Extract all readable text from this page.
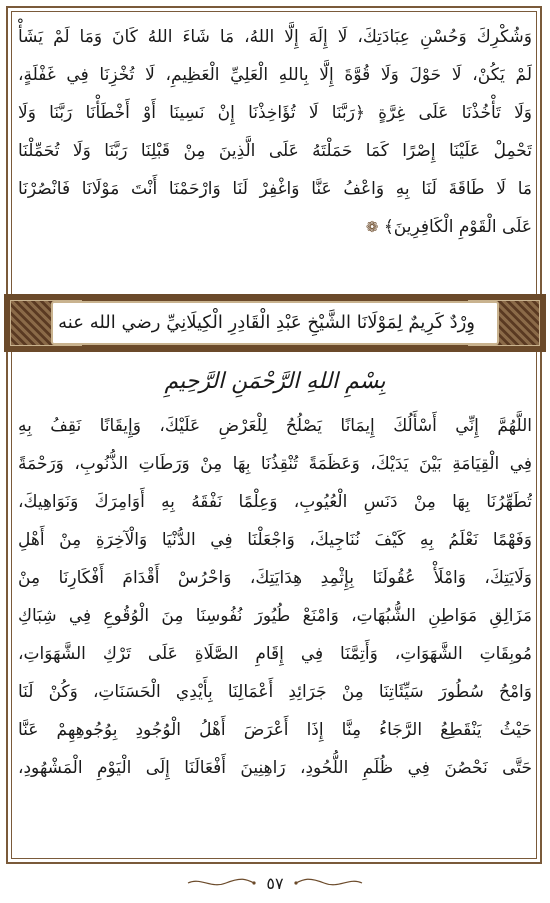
وَشُكْرِكَ وَحُسْنِ عِبَادَتِكَ، لَا إِلَهَ إِلَّا اللهُ، مَا شَاءَ اللهُ كَانَ وَمَا لَمْ يَشَأْ
لَمْ يَكُنْ، لَا حَوْلَ وَلَا قُوَّةَ إِلَّا بِاللهِ الْعَلِيِّ الْعَظِيمِ، لَا تُخْزِنَا فِي غَفْلَةٍ،
وَلَا تَأْخُذْنَا عَلَى غِرَّةٍ ﴿رَبَّنَا لَا تُؤَاخِذْنَا إِنْ نَسِينَا أَوْ أَخْطَأْنَا رَبَّنَا وَلَا
تَحْمِلْ عَلَيْنَا إِصْرًا كَمَا حَمَلْتَهُ عَلَى الَّذِينَ مِنْ قَبْلِنَا رَبَّنَا وَلَا تُحَمِّلْنَا
مَا لَا طَاقَةَ لَنَا بِهِ وَاعْفُ عَنَّا وَاغْفِرْ لَنَا وَارْحَمْنَا أَنْتَ مَوْلَانَا فَانْصُرْنَا
عَلَى الْقَوْمِ الْكَافِرِينَ﴾ ❁
وِرْدٌ كَرِيمٌ لِمَوْلَانَا الشَّيْخِ عَبْدِ الْقَادِرِ الْكِيلَانِيِّ رضي الله عنه
بِسْمِ اللهِ الرَّحْمَنِ الرَّحِيمِ
اللَّهُمَّ إِنِّي أَسْأَلُكَ إِيمَانًا يَصْلُحُ لِلْعَرْضِ عَلَيْكَ، وَإِيقَانًا نَقِفُ بِهِ
فِي الْقِيَامَةِ بَيْنَ يَدَيْكَ، وَعَظَمَةً تُنْقِذُنَا بِهَا مِنْ وَرَطَاتِ الذُّنُوبِ، وَرَحْمَةً
تُطَهِّرُنَا بِهَا مِنْ دَنَسِ الْعُيُوبِ، وَعِلْمًا نَفْقَهُ بِهِ أَوَامِرَكَ وَنَوَاهِيكَ،
وَفَهْمًا نَعْلَمُ بِهِ كَيْفَ نُنَاجِيكَ، وَاجْعَلْنَا فِي الدُّنْيَا وَالْآخِرَةِ مِنْ أَهْلِ
وَلَايَتِكَ، وَامْلَأْ عُقُولَنَا بِإِثْمِدِ هِدَايَتِكَ، وَاحْرُسْ أَقْدَامَ أَفْكَارِنَا مِنْ
مَزَالِقِ مَوَاطِنِ الشُّبُهَاتِ، وَامْنَعْ طُيُورَ نُفُوسِنَا مِنَ الْوُقُوعِ فِي شِبَاكِ
مُوبِقَاتِ الشَّهَوَاتِ، وَأَتِمَّنَا فِي إِقَامِ الصَّلَاةِ عَلَى تَرْكِ الشَّهَوَاتِ،
وَامْحُ سُطُورَ سَيِّئَاتِنَا مِنْ جَرَائِدِ أَعْمَالِنَا بِأَيْدِي الْحَسَنَاتِ، وَكُنْ لَنَا
حَيْثُ يَنْقَطِعُ الرَّجَاءُ مِنَّا إِذَا أَعْرَضَ أَهْلُ الْوُجُودِ بِوُجُوهِهِمْ عَنَّا
حَتَّى نَحْصُنَ فِي ظُلَمِ اللُّحُودِ، رَاهِنِينَ أَفْعَالَنَا إِلَى الْيَوْمِ الْمَشْهُودِ،
٥٧
